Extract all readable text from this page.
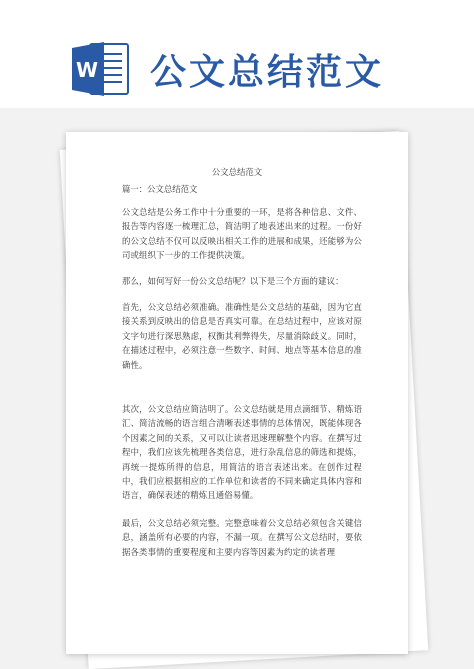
W 公文总结范文

公文总结范文
篇一：公文总结范文

公文总结是公务工作中十分重要的一环，是将各种信息、文件、报告等内容逐一梳理汇总，简洁明了地表述出来的过程。一份好的公文总结不仅可以反映出相关工作的进展和成果，还能够为公司或组织下一步的工作提供决策。

那么，如何写好一份公文总结呢？以下是三个方面的建议：

首先，公文总结必须准确。准确性是公文总结的基础，因为它直接关系到反映出的信息是否真实可靠。在总结过程中，应该对原文字句进行深思熟虑，权衡其利弊得失，尽量消除歧义。同时，在描述过程中，必须注意一些数字、时间、地点等基本信息的准确性。

其次，公文总结应简洁明了。公文总结就是用点滴细节、精炼语汇、简洁流畅的语言组合清晰表述事情的总体情况，既能体现各个因素之间的关系，又可以让读者迅速理解整个内容。在撰写过程中，我们应该先梳理各类信息，进行杂乱信息的筛选和提炼，再统一提炼所得的信息，用简洁的语言表述出来。在创作过程中，我们应根据相应的工作单位和读者的不同来确定具体内容和语言，确保表述的精炼且通俗易懂。

最后，公文总结必须完整。完整意味着公文总结必须包含关键信息，涵盖所有必要的内容，不漏一项。在撰写公文总结时，要依据各类事情的重要程度和主要内容等因素为约定的读者理
